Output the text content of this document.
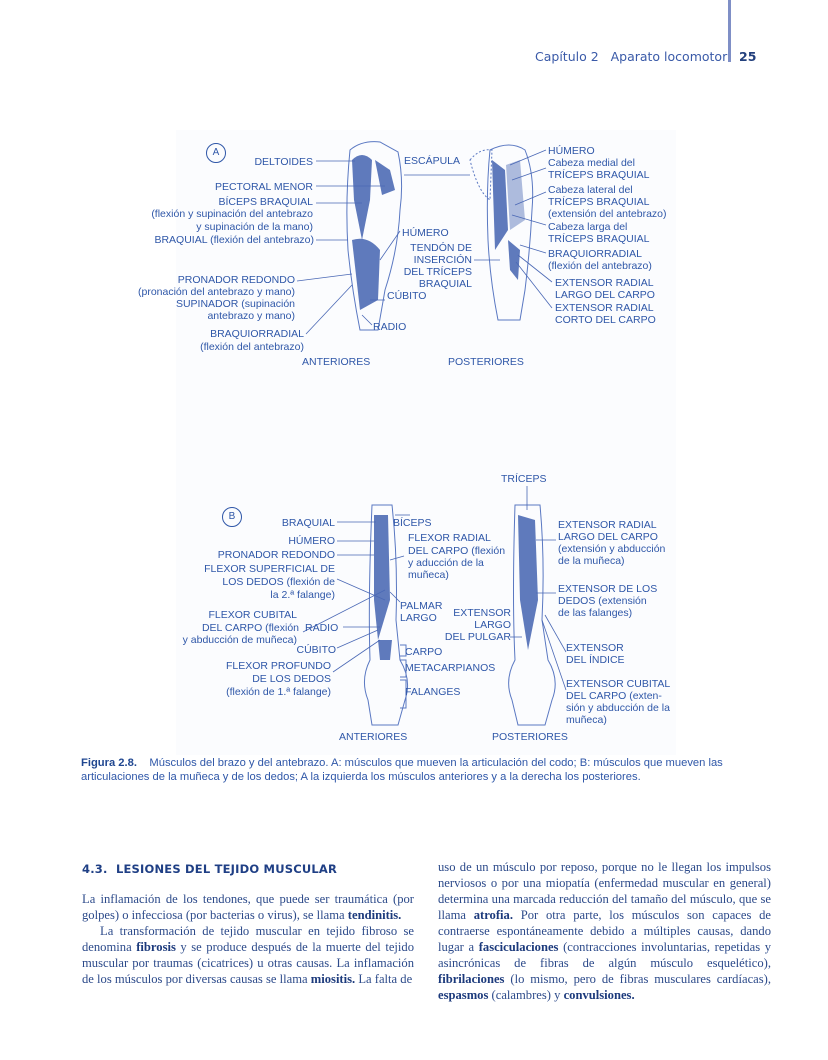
Capítulo 2   Aparato locomotor 25
A
DELTOIDES
PECTORAL MENOR
BÍCEPS BRAQUIAL
(flexión y supinación del antebrazo
y supinación de la mano)
BRAQUIAL (flexión del antebrazo)
PRONADOR REDONDO
(pronación del antebrazo y mano)
SUPINADOR (supinación
antebrazo y mano)
BRAQUIORRADIAL
(flexión del antebrazo)
ESCÁPULA
HÚMERO
TENDÓN DE
INSERCIÓN
DEL TRÍCEPS
BRAQUIAL
CÚBITO
RADIO
HÚMERO
Cabeza medial del
TRÍCEPS BRAQUIAL
Cabeza lateral del
TRÍCEPS BRAQUIAL
(extensión del antebrazo)
Cabeza larga del
TRÍCEPS BRAQUIAL
BRAQUIORRADIAL
(flexión del antebrazo)
EXTENSOR RADIAL
LARGO DEL CARPO
EXTENSOR RADIAL
CORTO DEL CARPO
ANTERIORES	POSTERIORES
B
TRÍCEPS
BRAQUIAL
HÚMERO
PRONADOR REDONDO
FLEXOR SUPERFICIAL DE
LOS DEDOS (flexión de
la 2.ª falange)
FLEXOR CUBITAL
DEL CARPO (flexión
y abducción de muñeca)
RADIO
CÚBITO
FLEXOR PROFUNDO
DE LOS DEDOS
(flexión de 1.ª falange)
BÍCEPS
FLEXOR RADIAL
DEL CARPO (flexión
y aducción de la
muñeca)
PALMAR
LARGO EXTENSOR
LARGO
DEL PULGAR
CARPO
METACARPIANOS
FALANGES
EXTENSOR RADIAL
LARGO DEL CARPO
(extensión y abducción
de la muñeca)
EXTENSOR DE LOS
DEDOS (extensión
de las falanges)
EXTENSOR
DEL ÍNDICE
EXTENSOR CUBITAL
DEL CARPO (exten-
sión y abducción de la
muñeca)
ANTERIORES	POSTERIORES
Figura 2.8. Músculos del brazo y del antebrazo. A: músculos que mueven la articulación del codo; B: músculos que mueven las articulaciones de la muñeca y de los dedos; A la izquierda los músculos anteriores y a la derecha los posteriores.
4.3.  LESIONES DEL TEJIDO MUSCULAR

La inflamación de los tendones, que puede ser traumática (por golpes) o infecciosa (por bacterias o virus), se llama tendinitis.

La transformación de tejido muscular en tejido fibroso se denomina fibrosis y se produce después de la muerte del tejido muscular por traumas (cicatrices) u otras causas. La inflamación de los músculos por diversas causas se llama miositis. La falta de

uso de un músculo por reposo, porque no le llegan los impulsos nerviosos o por una miopatía (enfermedad muscular en general) determina una marcada reducción del tamaño del músculo, que se llama atrofia. Por otra parte, los músculos son capaces de contraerse espontáneamente debido a múltiples causas, dando lugar a fasciculaciones (contracciones involuntarias, repetidas y asincrónicas de fibras de algún músculo esquelético), fibrilaciones (lo mismo, pero de fibras musculares cardíacas), espasmos (calambres) y convulsiones.
